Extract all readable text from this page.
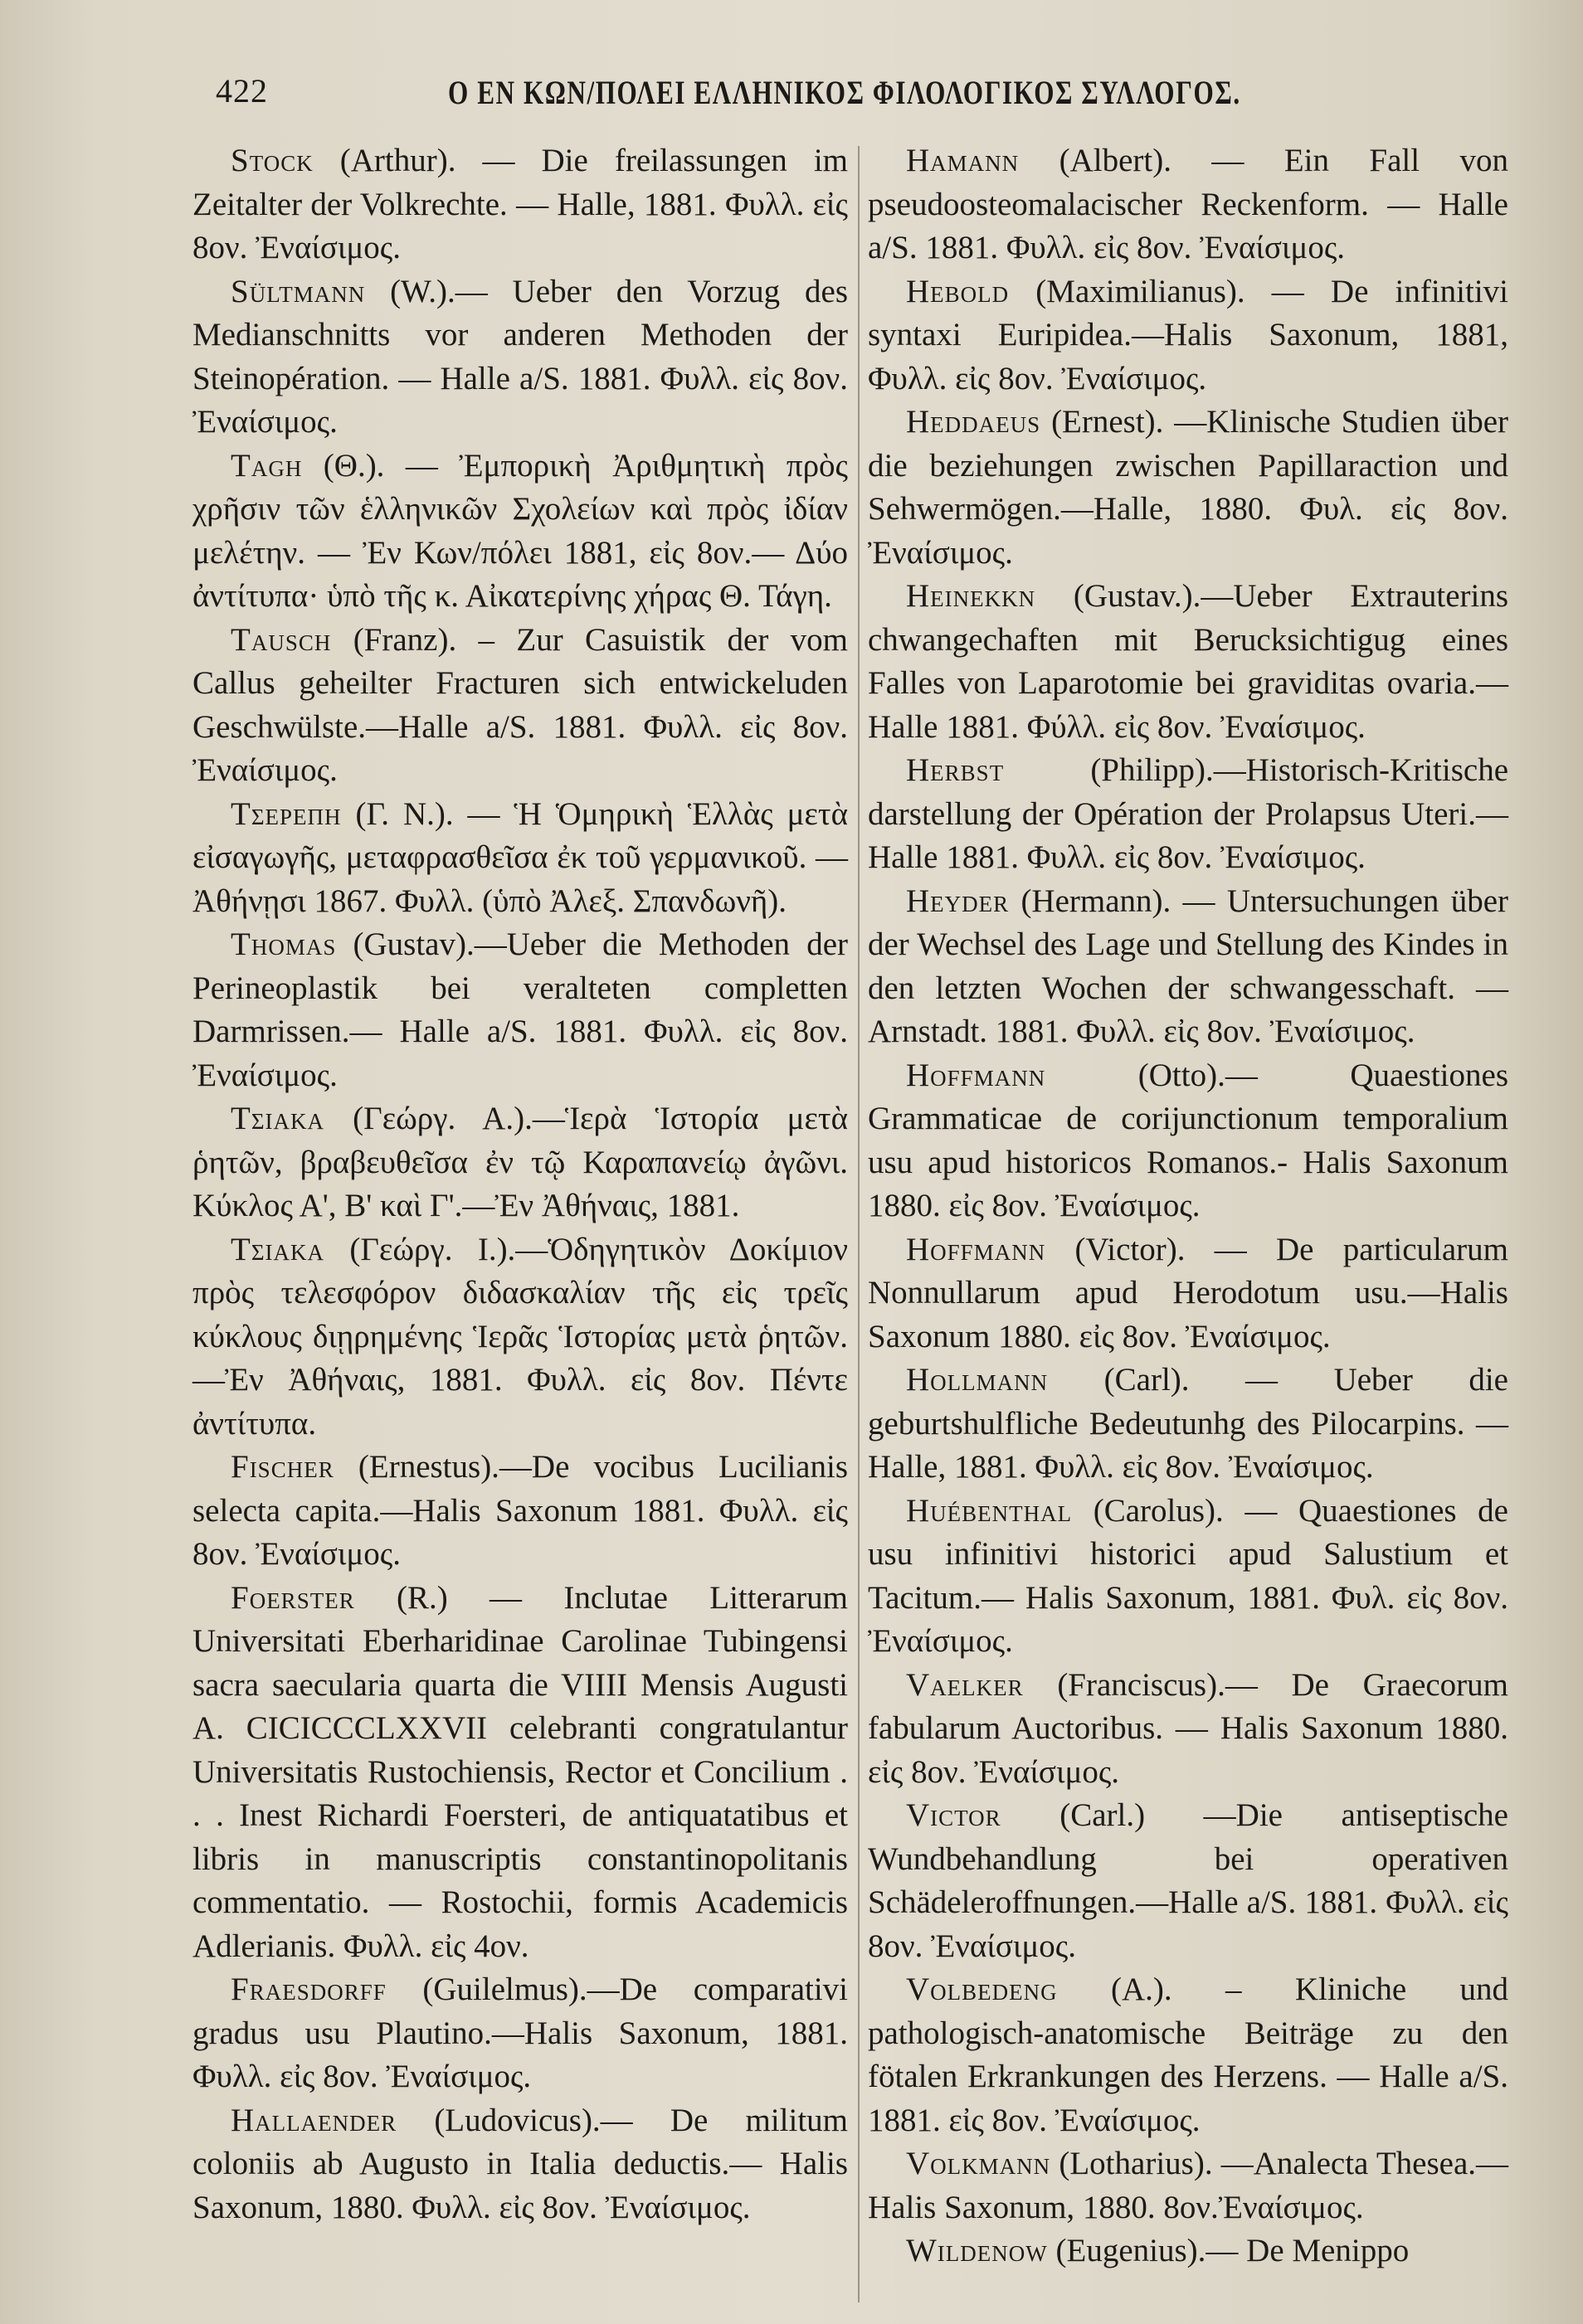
422	Ο ΕΝ ΚΩΝ/ΠΟΛΕΙ ΕΛΛΗΝΙΚΟΣ ΦΙΛΟΛΟΓΙΚΟΣ ΣΥΛΛΟΓΟΣ.

Stock (Arthur). — Die freilassungen im Zeitalter der Volkrechte. — Halle, 1881. Φυλλ. εἰς 8ον. Ἐναίσιμος.

Sültmann (W.).— Ueber den Vorzug des Medianschnitts vor anderen Methoden der Steinopération. — Halle a/S. 1881. Φυλλ. εἰς 8ον. Ἐναίσιμος.

Tagh (Θ.). — Ἐμπορικὴ Ἀριθμητικὴ πρὸς χρῆσιν τῶν ἑλληνικῶν Σχολείων καὶ πρὸς ἰδίαν μελέτην. — Ἐν Κων/πόλει 1881, εἰς 8ον.— Δύο ἀντίτυπα· ὑπὸ τῆς κ. Αἰκατερίνης χήρας Θ. Τάγη.

Tausch (Franz). – Zur Casuistik der vom Callus geheilter Fracturen sich entwickeluden Geschwülste.—Halle a/S. 1881. Φυλλ. εἰς 8ον. Ἐναίσιμος.

Τσερεπη (Γ. Ν.). — Ἡ Ὁμηρικὴ Ἑλλὰς μετὰ εἰσαγωγῆς, μεταφρασθεῖσα ἐκ τοῦ γερμανικοῦ. — Ἀθήνῃσι 1867. Φυλλ. (ὑπὸ Ἀλεξ. Σπανδωνῆ).

Thomas (Gustav).—Ueber die Methoden der Perineoplastik bei veralteten completten Darmrissen.— Halle a/S. 1881. Φυλλ. εἰς 8ον. Ἐναίσιμος.

Τσιακα (Γεώργ. Α.).—Ἱερὰ Ἱστορία μετὰ ῥητῶν, βραβευθεῖσα ἐν τῷ Καραπανείῳ ἀγῶνι. Κύκλος Α', Β' καὶ Γ'.—Ἐν Ἀθήναις, 1881.

Τσιακα (Γεώργ. Ι.).—Ὁδηγητικὸν Δοκίμιον πρὸς τελεσφόρον διδασκαλίαν τῆς εἰς τρεῖς κύκλους διῃρημένης Ἱερᾶς Ἱστορίας μετὰ ῥητῶν. —Ἐν Ἀθήναις, 1881. Φυλλ. εἰς 8ον. Πέντε ἀντίτυπα.

Fischer (Ernestus).—De vocibus Lucilianis selecta capita.—Halis Saxonum 1881. Φυλλ. εἰς 8ον. Ἐναίσιμος.

Foerster (R.) — Inclutae Litterarum Universitati Eberharidinae Carolinae Tubingensi sacra saecularia quarta die VIIII Mensis Augusti A. CICICCCLXXVII celebranti congratulantur Universitatis Rustochiensis, Rector et Concilium . . . Inest Richardi Foersteri, de antiquatatibus et libris in manuscriptis constantinopolitanis commentatio. — Rostochii, formis Academicis Adlerianis. Φυλλ. εἰς 4ον.

Fraesdorff (Guilelmus).—De comparativi gradus usu Plautino.—Halis Saxonum, 1881. Φυλλ. εἰς 8ον. Ἐναίσιμος.

Hallaender (Ludovicus).— De militum coloniis ab Augusto in Italia deductis.— Halis Saxonum, 1880. Φυλλ. εἰς 8ον. Ἐναίσιμος.

Hamann (Albert). — Ein Fall von pseudoosteomalacischer Reckenform. — Halle a/S. 1881. Φυλλ. εἰς 8ον. Ἐναίσιμος.

Hebold (Maximilianus). — De infinitivi syntaxi Euripidea.—Halis Saxonum, 1881, Φυλλ. εἰς 8ον. Ἐναίσιμος.

Heddaeus (Ernest). —Klinische Studien über die beziehungen zwischen Papillaraction und Sehwermögen.—Halle, 1880. Φυλ. εἰς 8ον. Ἐναίσιμος.

Heinekkn (Gustav.).—Ueber Extrauterins chwangechaften mit Berucksichtigug eines Falles von Laparotomie bei graviditas ovaria.— Halle 1881. Φύλλ. εἰς 8ον. Ἐναίσιμος.

Herbst	(Philipp).—Historisch-Kritische darstellung der Opération der Prolapsus Uteri.—Halle 1881. Φυλλ. εἰς 8ον. Ἐναίσιμος.

Heyder (Hermann). — Untersuchungen über der Wechsel des Lage und Stellung des Kindes in den letzten Wochen der schwangesschaft. —Arnstadt. 1881. Φυλλ. εἰς 8ον. Ἐναίσιμος.

Hoffmann	(Otto).— Quaestiones Grammaticae de corijunctionum temporalium usu apud historicos Romanos.- Halis Saxonum 1880. εἰς 8ον. Ἐναίσιμος.

Hoffmann (Victor). — De particularum Nonnullarum apud Herodotum usu.—Halis Saxonum 1880. εἰς 8ον. Ἐναίσιμος.

Hollmann (Carl). — Ueber die geburtshulfliche Bedeutunhg des Pilocarpins. — Halle, 1881. Φυλλ. εἰς 8ον. Ἐναίσιμος.

Huébenthal (Carolus). — Quaestiones de usu infinitivi historici apud Salustium et Tacitum.— Halis Saxonum, 1881. Φυλ. εἰς 8ον. Ἐναίσιμος.

Vaelker (Franciscus).— De Graecorum fabularum Auctoribus. — Halis Saxonum 1880. εἰς 8ον. Ἐναίσιμος.

Victor (Carl.) —Die antiseptische Wundbehandlung bei operativen Schädeleroffnungen.—Halle a/S. 1881. Φυλλ. εἰς 8ον. Ἐναίσιμος.

Volbedeng (A.). – Kliniche und pathologisch-anatomische Beiträge zu den fötalen Erkrankungen des Herzens. — Halle a/S. 1881. εἰς 8ον. Ἐναίσιμος.

Volkmann (Lotharius). —Analecta Thesea.—Halis Saxonum, 1880. 8ον.Ἐναίσιμος.

Wildenow (Eugenius).— De Menippo
